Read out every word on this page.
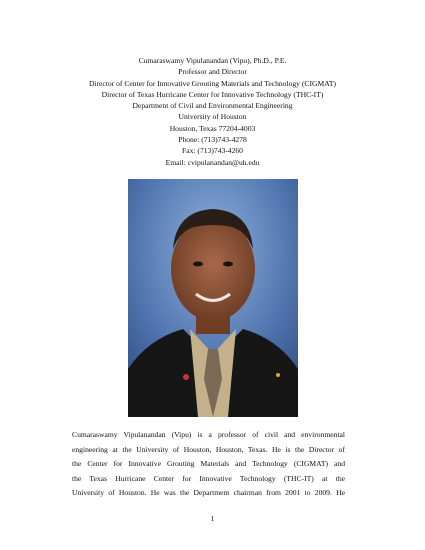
Cumaraswamy Vipulanandan (Vipu), Ph.D., P.E.
Professor and Director
Director of Center for Innovative Grouting Materials and Technology (CIGMAT)
Director of Texas Hurricane Center for Innovative Technology (THC-IT)
Department of Civil and Environmental Engineering
University of Houston
Houston, Texas 77204-4003
Phone: (713)743-4278
Fax: (713)743-4260
Email: cvipulanandan@uh.edu
Cumaraswamy Vipulanandan (Vipu) is a professor of civil and environmental
engineering at the University of Houston, Houston, Texas. He is the Director of
the Center for Innovative Grouting Materials and Technology (CIGMAT) and
the Texas Hurricane Center for Innovative Technology (THC-IT) at the
University of Houston. He was the Department chairman from 2001 to 2009. He
1
